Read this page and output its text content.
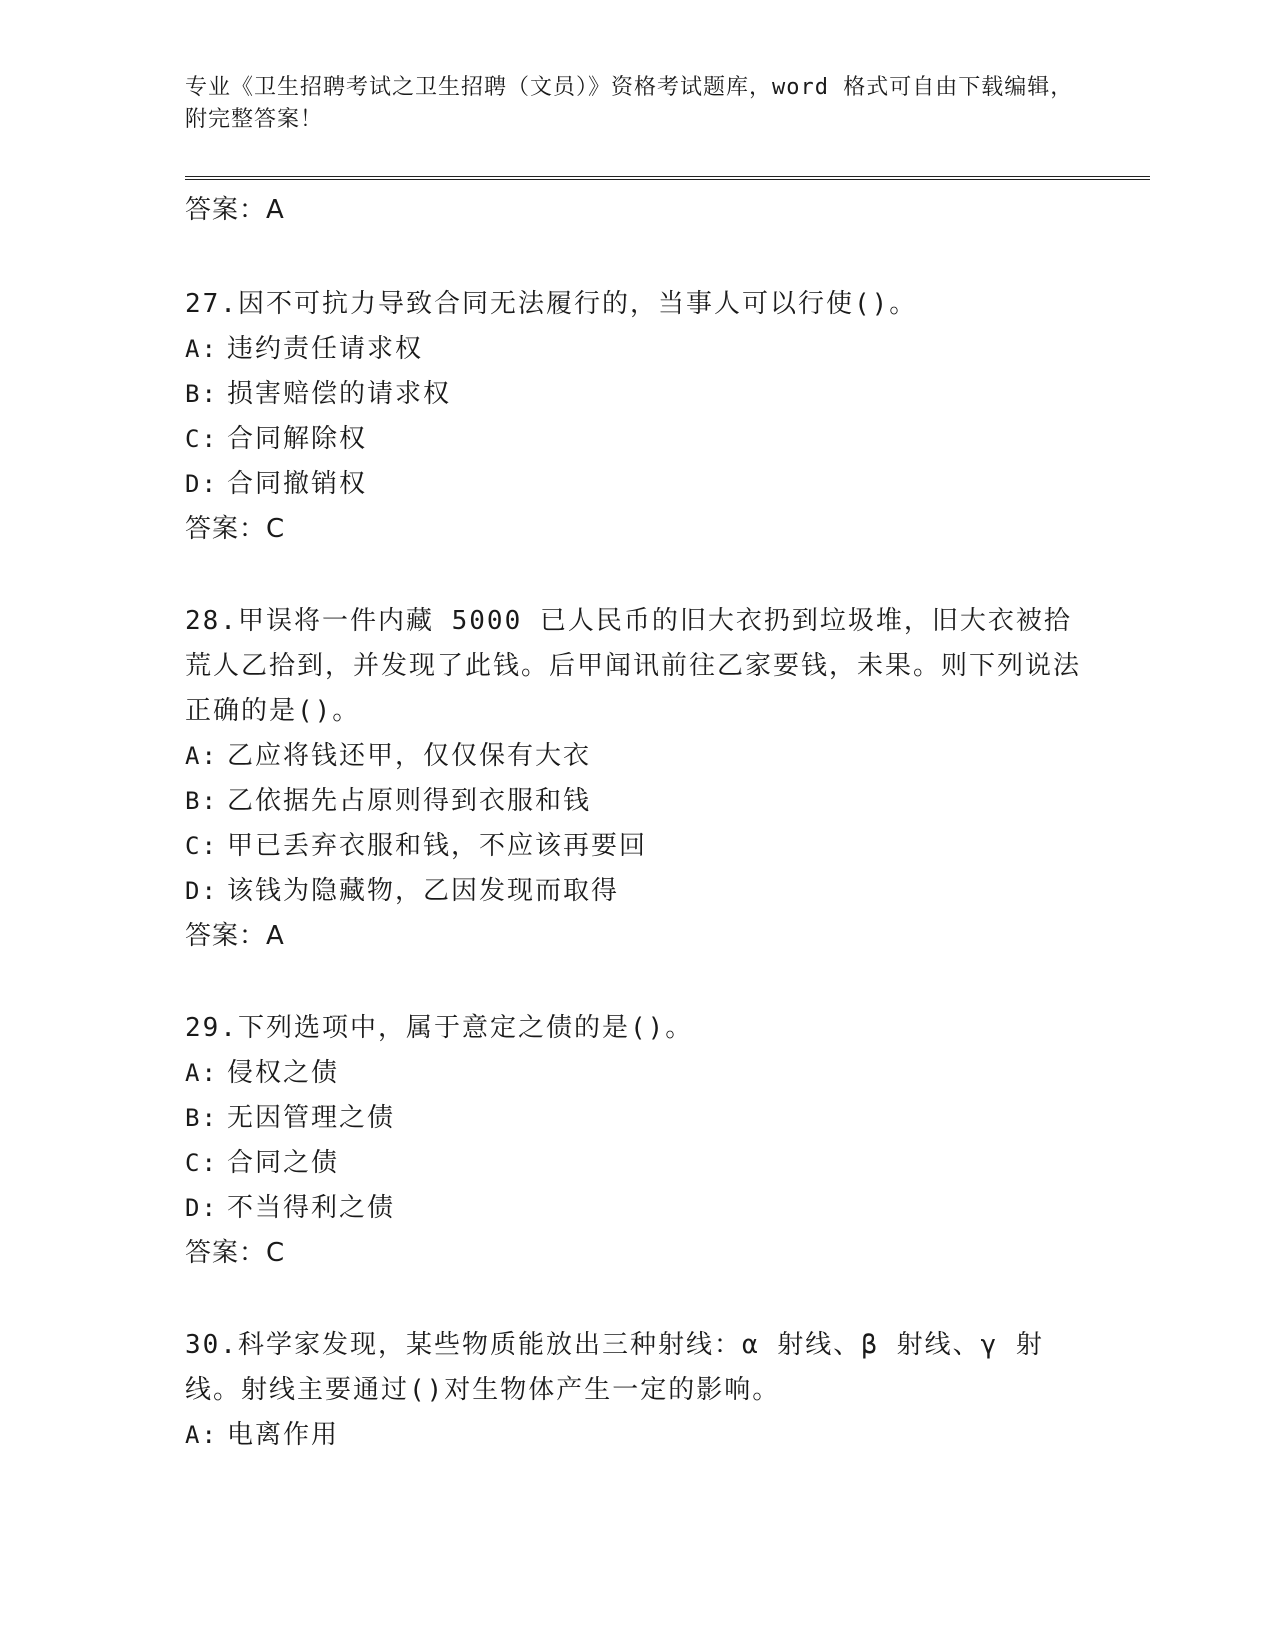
专业《卫生招聘考试之卫生招聘（文员）》资格考试题库，word 格式可自由下载编辑，附完整答案！
答案：A
27.因不可抗力导致合同无法履行的，当事人可以行使()。
A: 违约责任请求权
B: 损害赔偿的请求权
C: 合同解除权
D: 合同撤销权
答案：C
28.甲误将一件内藏 5000 已人民币的旧大衣扔到垃圾堆，旧大衣被拾荒人乙拾到，并发现了此钱。后甲闻讯前往乙家要钱，未果。则下列说法正确的是()。
A: 乙应将钱还甲，仅仅保有大衣
B: 乙依据先占原则得到衣服和钱
C: 甲已丢弃衣服和钱，不应该再要回
D: 该钱为隐藏物，乙因发现而取得
答案：A
29.下列选项中，属于意定之债的是()。
A: 侵权之债
B: 无因管理之债
C: 合同之债
D: 不当得利之债
答案：C
30.科学家发现，某些物质能放出三种射线：α 射线、β 射线、γ 射线。射线主要通过()对生物体产生一定的影响。
A: 电离作用
